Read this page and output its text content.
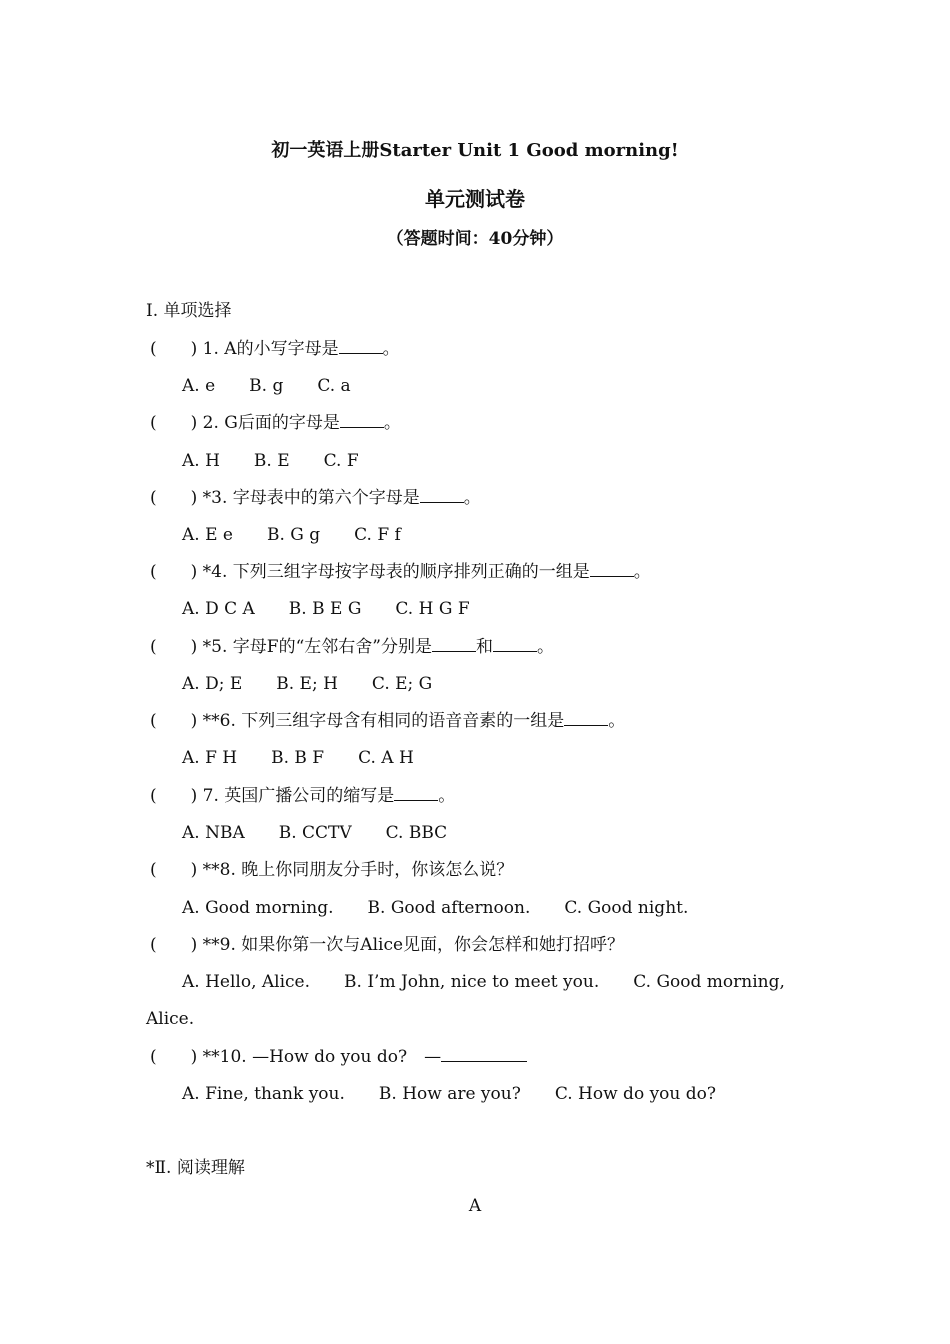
初一英语上册Starter Unit 1 Good morning!
单元测试卷
（答题时间：40分钟）
Ⅰ. 单项选择
(　　) 1. A的小写字母是	。
A. e　　B. g　　C. a
(　　) 2. G后面的字母是	。
A. H　　B. E　　C. F
(　　) *3. 字母表中的第六个字母是	。
A. E e　　B. G g　　C. F f
(　　) *4. 下列三组字母按字母表的顺序排列正确的一组是	。
A. D C A　　B. B E G　　C. H G F
(　　) *5. 字母F的“左邻右舍”分别是	和	。
A. D; E　　B. E; H　　C. E; G
(　　) **6. 下列三组字母含有相同的语音音素的一组是	。
A. F H　　B. B F　　C. A H
(　　) 7. 英国广播公司的缩写是	。
A. NBA　　B. CCTV　　C. BBC
(　　) **8. 晚上你同朋友分手时，你该怎么说？
A. Good morning.　　B. Good afternoon.　　C. Good night.
(　　) **9. 如果你第一次与Alice见面，你会怎样和她打招呼？
A. Hello, Alice.　　B. I’m John, nice to meet you.　　C. Good morning,
Alice.
(　　) **10. —How do you do?　—
A. Fine, thank you.　　B. How are you?　　C. How do you do?
*Ⅱ. 阅读理解
A
